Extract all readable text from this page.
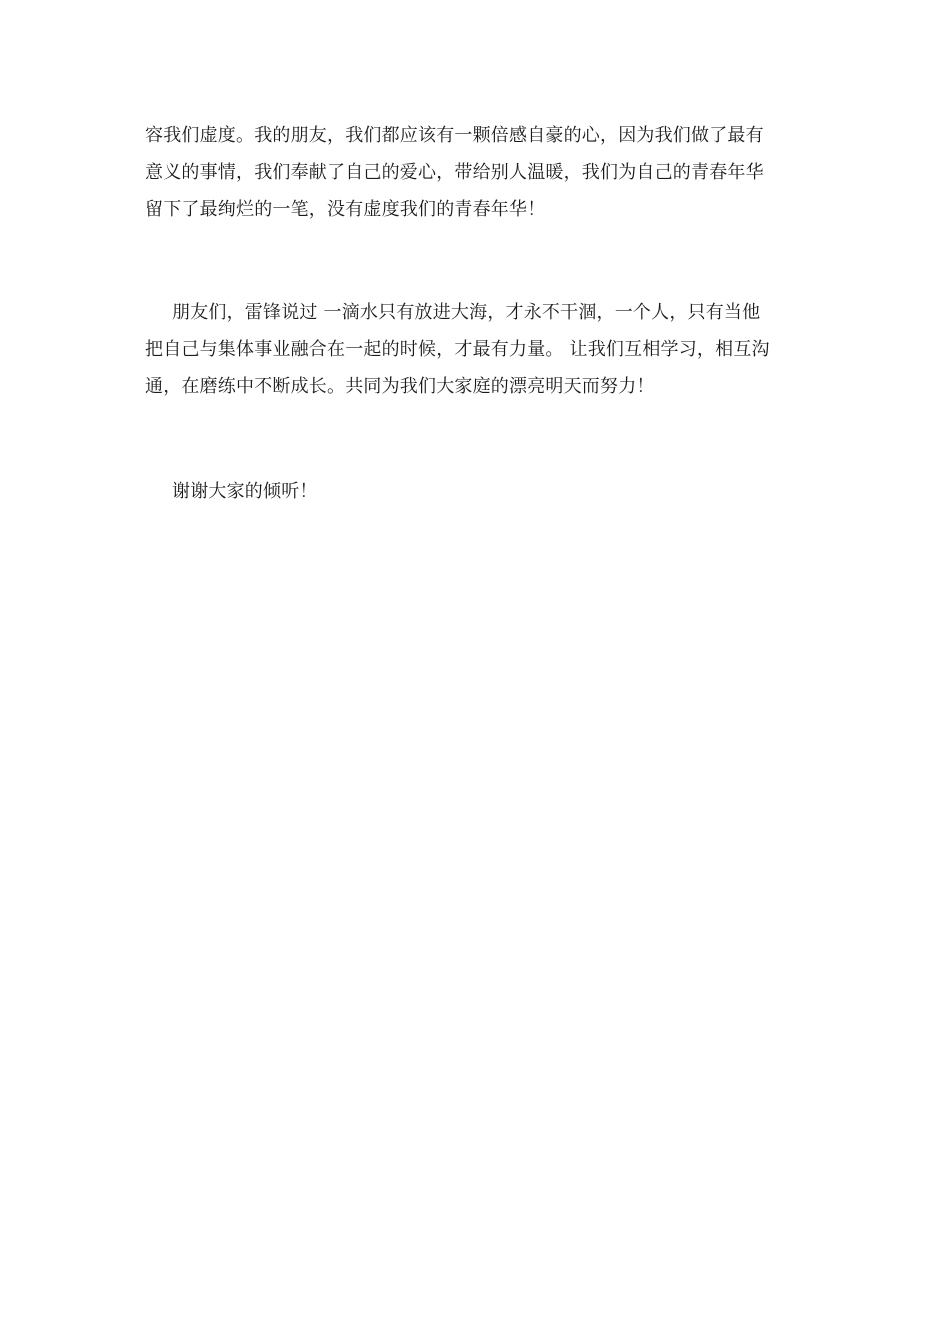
容我们虚度。我的朋友，我们都应该有一颗倍感自豪的心，因为我们做了最有
意义的事情，我们奉献了自己的爱心，带给别人温暖，我们为自己的青春年华
留下了最绚烂的一笔，没有虚度我们的青春年华！
朋友们，雷锋说过 一滴水只有放进大海，才永不干涸，一个人，只有当他
把自己与集体事业融合在一起的时候，才最有力量。 让我们互相学习，相互沟
通，在磨练中不断成长。共同为我们大家庭的漂亮明天而努力！
谢谢大家的倾听！
